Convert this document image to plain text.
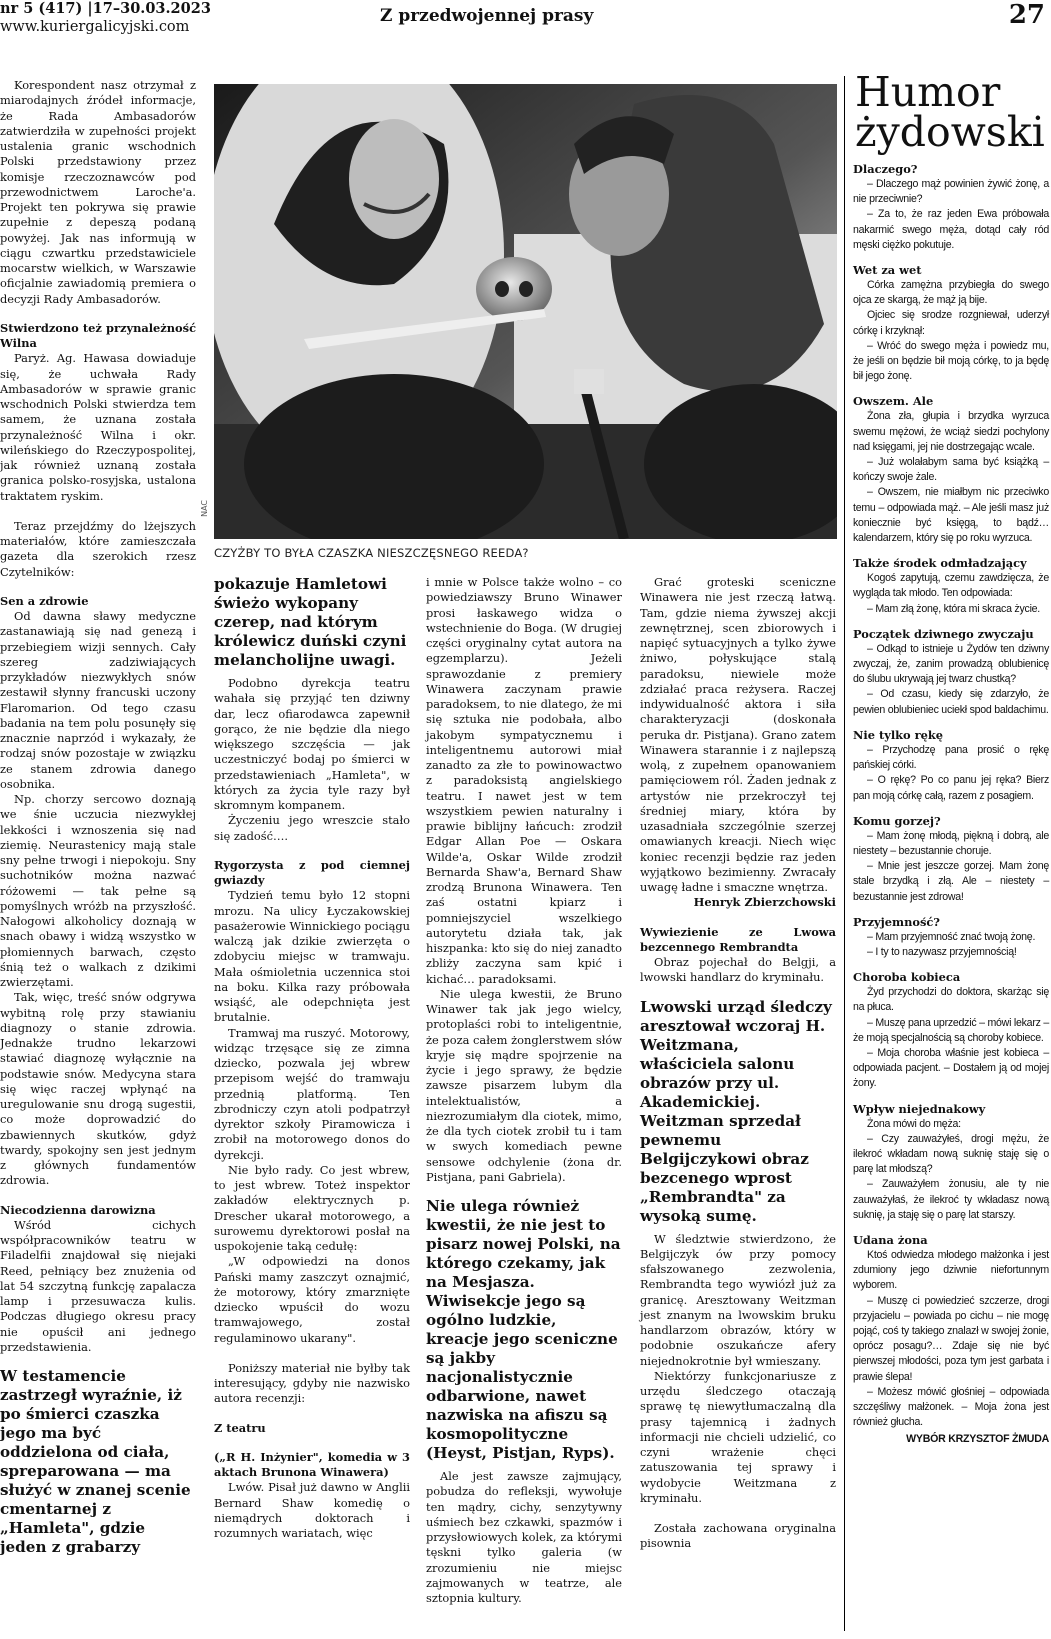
nr 5 (417) |17–30.03.2023
www.kuriergalicyjski.com
Z przedwojennej prasy	27
NAC
CZYŻBY TO BYŁA CZASZKA NIESZCZĘSNEGO REEDA?

Korespondent nasz otrzymał z miarodajnych źródeł informacje, że Rada Ambasadorów zatwierdziła w zupełności projekt ustalenia granic wschodnich Polski przedstawiony przez komisje rzeczoznawców pod przewodnictwem Laroche'a. Projekt ten pokrywa się prawie zupełnie z depeszą podaną powyżej. Jak nas informują w ciągu czwartku przedstawiciele mocarstw wielkich, w Warszawie oficjalnie zawiadomią premiera o decyzji Rady Ambasadorów.

Stwierdzono też przynależność Wilna

Paryż. Ag. Hawasa dowiaduje się, że uchwała Rady Ambasadorów w sprawie granic wschodnich Polski stwierdza tem samem, że uznana została przynależność Wilna i okr. wileńskiego do Rzeczypospolitej, jak również uznaną została granica polsko-rosyjska, ustalona traktatem ryskim.

Teraz przejdźmy do lżejszych materiałów, które zamieszczała gazeta dla szerokich rzesz Czytelników:

Sen a zdrowie

Od dawna sławy medyczne zastanawiają się nad genezą i przebiegiem wizji sennych. Cały szereg zadziwiających przykładów niezwykłych snów zestawił słynny francuski uczony Flaromarion. Od tego czasu badania na tem polu posunęły się znacznie naprzód i wykazały, że rodzaj snów pozostaje w związku ze stanem zdrowia danego osobnika.

Np. chorzy sercowo doznają we śnie uczucia niezwykłej lekkości i wznoszenia się nad ziemię. Neurastenicy mają stale sny pełne trwogi i niepokoju. Sny suchotników można nazwać różowemi — tak pełne są pomyślnych wróżb na przyszłość. Nałogowi alkoholicy doznają w snach obawy i widzą wszystko w płomiennych barwach, często śnią też o walkach z dzikimi zwierzętami.

Tak, więc, treść snów odgrywa wybitną rolę przy stawianiu diagnozy o stanie zdrowia. Jednakże trudno lekarzowi stawiać diagnozę wyłącznie na podstawie snów. Medycyna stara się więc raczej wpłynąć na uregulowanie snu drogą sugestii, co może doprowadzić do zbawiennych skutków, gdyż twardy, spokojny sen jest jednym z głównych fundamentów zdrowia.

Niecodzienna darowizna

Wśród cichych współpracowników teatru w Filadelfii znajdował się niejaki Reed, pełniący bez znużenia od lat 54 szczytną funkcję zapalacza lamp i przesuwacza kulis. Podczas długiego okresu pracy nie opuścił ani jednego przedstawienia.

W testamencie zastrzegł wyraźnie, iż po śmierci czaszka jego ma być oddzielona od ciała, spreparowana — ma służyć w znanej scenie cmentarnej z „Hamleta", gdzie jeden z grabarzy
pokazuje Hamletowi świeżo wykopany czerep, nad którym królewicz duński czyni melancholijne uwagi.

Podobno dyrekcja teatru wahała się przyjąć ten dziwny dar, lecz ofiarodawca zapewnił gorąco, że nie będzie dla niego większego szczęścia — jak uczestniczyć bodaj po śmierci w przedstawieniach „Hamleta", w których za życia tyle razy był skromnym kompanem.

Życzeniu jego wreszcie stało się zadość….

Rygorzysta z pod ciemnej gwiazdy

Tydzień temu było 12 stopni mrozu. Na ulicy Łyczakowskiej pasażerowie Winnickiego pociągu walczą jak dzikie zwierzęta o zdobyciu miejsc w tramwaju. Mała ośmioletnia uczennica stoi na boku. Kilka razy próbowała wsiąść, ale odepchnięta jest brutalnie.

Tramwaj ma ruszyć. Motorowy, widząc trzęsące się ze zimna dziecko, pozwala jej wbrew przepisom wejść do tramwaju przednią platformą. Ten zbrodniczy czyn atoli podpatrzył dyrektor szkoły Piramowicza i zrobił na motorowego donos do dyrekcji.

Nie było rady. Co jest wbrew, to jest wbrew. Toteż inspektor zakładów elektrycznych p. Drescher ukarał motorowego, a surowemu dyrektorowi posłał na uspokojenie taką cedułę:

„W odpowiedzi na donos Pański mamy zaszczyt oznajmić, że motorowy, który zmarznięte dziecko wpuścił do wozu tramwajowego, został regulaminowo ukarany".

Poniższy materiał nie byłby tak interesujący, gdyby nie nazwisko autora recenzji:

Z teatru
(„R H. Inżynier", komedia w 3 aktach Brunona Winawera)

Lwów. Pisał już dawno w Anglii Bernard Shaw komedię o niemądrych doktorach i rozumnych wariatach, więc

i mnie w Polsce także wolno – co powiedziawszy Bruno Winawer prosi łaskawego widza o wstechnienie do Boga. (W drugiej części oryginalny cytat autora na egzemplarzu). Jeżeli sprawozdanie z premiery Winawera zaczynam prawie paradoksem, to nie dlatego, że mi się sztuka nie podobała, albo jakobym sympatycznemu i inteligentnemu autorowi miał zanadto za złe to powinowactwo z paradoksistą angielskiego teatru. I nawet jest w tem wszystkiem pewien naturalny i prawie biblijny łańcuch: zrodził Edgar Allan Poe — Oskara Wilde'a, Oskar Wilde zrodził Bernarda Shaw'a, Bernard Shaw zrodzą Brunona Winawera. Ten zaś ostatni kpiarz i pomniejszyciel wszelkiego autorytetu działa tak, jak hiszpanka: kto się do niej zanadto zbliży zaczyna sam kpić i kichać… paradoksami.

Nie ulega kwestii, że Bruno Winawer tak jak jego wielcy, protoplaści robi to inteligentnie, że poza całem żonglerstwem słów kryje się mądre spojrzenie na życie i jego sprawy, że będzie zawsze pisarzem lubym dla intelektualistów, a niezrozumiałym dla ciotek, mimo, że dla tych ciotek zrobił tu i tam w swych komediach pewne sensowe odchylenie (żona dr. Pistjana, pani Gabriela).

Nie ulega również kwestii, że nie jest to pisarz nowej Polski, na którego czekamy, jak na Mesjasza. Wiwisekcje jego są ogólno ludzkie, kreacje jego sceniczne są jakby nacjonalistycznie odbarwione, nawet nazwiska na afiszu są kosmopolityczne (Heyst, Pistjan, Ryps).

Ale jest zawsze zajmujący, pobudza do refleksji, wywołuje ten mądry, cichy, senzytywny uśmiech bez czkawki, spazmów i przysłowiowych kolek, za którymi tęskni tylko galeria (w zrozumieniu nie miejsc zajmowanych w teatrze, ale sztopnia kultury.

Grać groteski sceniczne Winawera nie jest rzeczą łatwą. Tam, gdzie niema żywszej akcji zewnętrznej, scen zbiorowych i napięć sytuacyjnych a tylko żywe żniwo, połyskujące stalą paradoksu, niewiele może zdziałać praca reżysera. Raczej indywidualność aktora i siła charakteryzacji (doskonała peruka dr. Pistjana). Grano zatem Winawera starannie i z najlepszą wolą, z zupełnem opanowaniem pamięciowem ról. Żaden jednak z artystów nie przekroczył tej średniej miary, która by uzasadniała szczególnie szerzej omawianych kreacji. Niech więc koniec recenzji będzie raz jeden wyjątkowo bezimienny. Zwracały uwagę ładne i smaczne wnętrza.

Henryk Zbierzchowski

Wywiezienie ze Lwowa bezcennego Rembrandta

Obraz pojechał do Belgji, a lwowski handlarz do kryminału.

Lwowski urząd śledczy aresztował wczoraj H. Weitzmana, właściciela salonu obrazów przy ul. Akademickiej. Weitzman sprzedał pewnemu Belgijczykowi obraz bezcenego wprost „Rembrandta" za wysoką sumę.

W śledztwie stwierdzono, że Belgijczyk ów przy pomocy sfałszowanego zezwolenia, Rembrandta tego wywiózł już za granicę. Aresztowany Weitzman jest znanym na lwowskim bruku handlarzom obrazów, który w podobnie oszukańcze afery niejednokrotnie był wmieszany.

Niektórzy funkcjonariusze z urzędu śledczego otaczają sprawę tę niewytłumaczalną dla prasy tajemnicą i żadnych informacji nie chcieli udzielić, co czyni wrażenie chęci zatuszowania tej sprawy i wydobycie Weitzmana z kryminału.

Została zachowana oryginalna pisownia

Humor
żydowski
Dlaczego?

– Dlaczego mąż powinien żywić żonę, a nie przeciwnie?

– Za to, że raz jeden Ewa próbowała nakarmić swego męża, dotąd cały ród męski ciężko pokutuje.

Wet za wet

Córka zamężna przybiegła do swego ojca ze skargą, że mąż ją bije.

Ojciec się srodze rozgniewał, uderzył córkę i krzyknął:

– Wróć do swego męża i powiedz mu, że jeśli on będzie bił moją córkę, to ja będę bił jego żonę.

Owszem. Ale

Żona zła, głupia i brzydka wyrzuca swemu mężowi, że wciąż siedzi pochylony nad księgami, jej nie dostrzegając wcale.

– Już wolałabym sama być książką – kończy swoje żale.

– Owszem, nie miałbym nic przeciwko temu – odpowiada mąż. – Ale jeśli masz już koniecznie być księgą, to bądź… kalendarzem, który się po roku wyrzuca.

Także środek odmładzający

Kogoś zapytują, czemu zawdzięcza, że wygląda tak młodo. Ten odpowiada:

– Mam złą żonę, która mi skraca życie.

Początek dziwnego zwyczaju

– Odkąd to istnieje u Żydów ten dziwny zwyczaj, że, zanim prowadzą oblubienicę do ślubu ukrywają jej twarz chustką?

– Od czasu, kiedy się zdarzyło, że pewien oblubieniec uciekł spod baldachimu.

Nie tylko rękę

– Przychodzę pana prosić o rękę pańskiej córki.

– O rękę? Po co panu jej ręka? Bierz pan moją córkę całą, razem z posagiem.

Komu gorzej?

– Mam żonę młodą, piękną i dobrą, ale niestety – bezustannie choruje.

– Mnie jest jeszcze gorzej. Mam żonę stale brzydką i złą. Ale – niestety – bezustannie jest zdrowa!

Przyjemność?

– Mam przyjemność znać twoją żonę.

– I ty to nazywasz przyjemnością!

Choroba kobieca

Żyd przychodzi do doktora, skarżąc się na płuca.

– Muszę pana uprzedzić – mówi lekarz – że moją specjalnością są choroby kobiece.

– Moja choroba właśnie jest kobieca – odpowiada pacjent. – Dostałem ją od mojej żony.

Wpływ niejednakowy

Żona mówi do męża:

– Czy zauważyłeś, drogi mężu, że ilekroć wkładam nową suknię staję się o parę lat młodszą?

– Zauważyłem żonusiu, ale ty nie zauważyłaś, że ilekroć ty wkładasz nową suknię, ja staję się o parę lat starszy.

Udana żona

Ktoś odwiedza młodego małżonka i jest zdumiony jego dziwnie niefortunnym wyborem.

– Muszę ci powiedzieć szczerze, drogi przyjacielu – powiada po cichu – nie mogę pojąć, coś ty takiego znalazł w swojej żonie, oprócz posagu?… Zdaje się nie być pierwszej młodości, poza tym jest garbata i prawie ślepa!

– Możesz mówić głośniej – odpowiada szczęśliwy małżonek. – Moja żona jest również głucha.

WYBÓR KRZYSZTOF ŻMUDA
